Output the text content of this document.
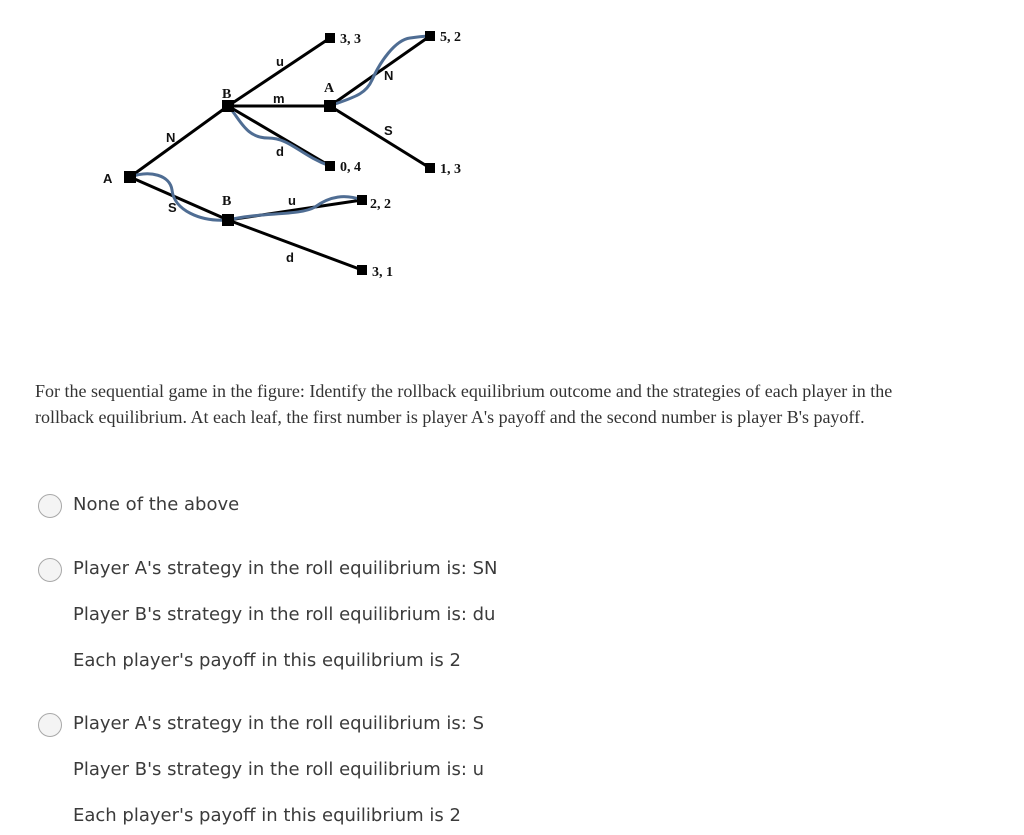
A
B
B
A
N
S
u
m
d
N
S
u
d
3, 3	5, 2
0, 4	1, 3
2, 2
3, 1
For the sequential game in the figure: Identify the rollback equilibrium outcome and the strategies of each player in the rollback equilibrium. At each leaf, the first number is player A's payoff and the second number is player B's payoff.
None of the above
Player A's strategy in the roll equilibrium is: SN
Player B's strategy in the roll equilibrium is: du
Each player's payoff in this equilibrium is 2
Player A's strategy in the roll equilibrium is: S
Player B's strategy in the roll equilibrium is: u
Each player's payoff in this equilibrium is 2
